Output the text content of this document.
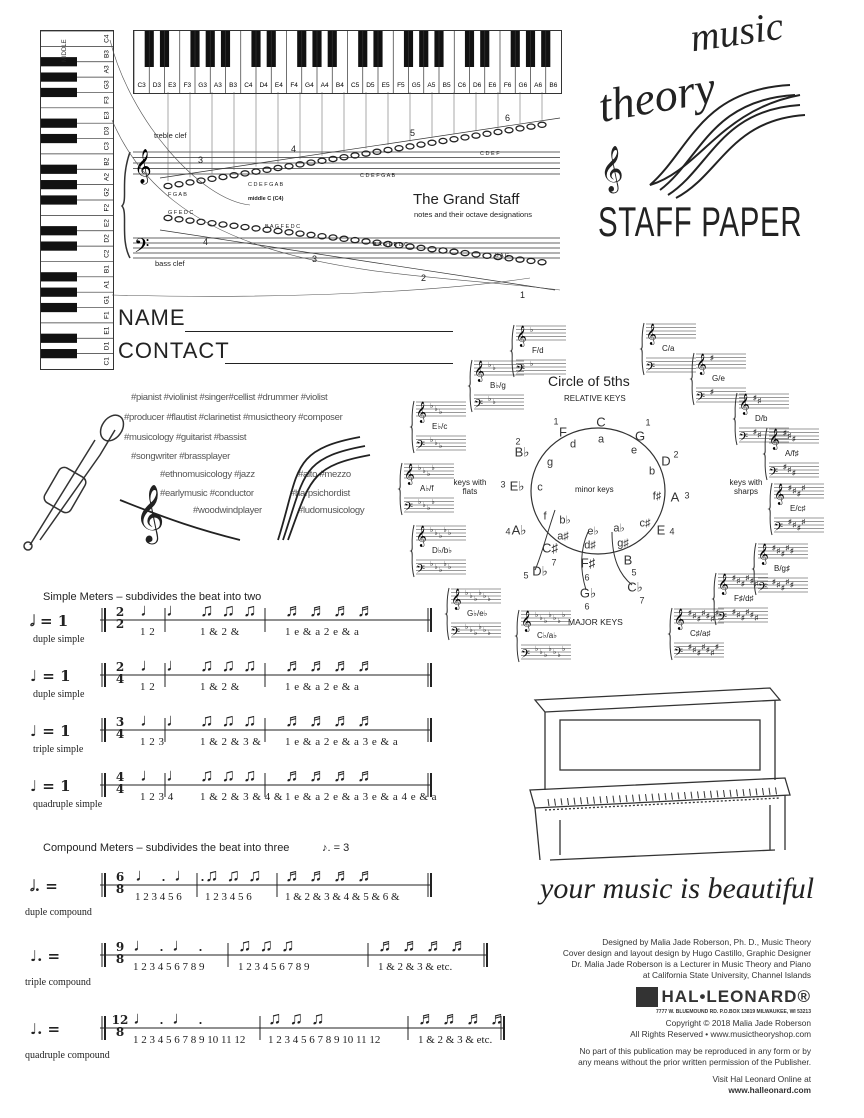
C4
B3
A3
G3
F3
E3
D3
C3
B2
A2
G2
F2
E2
D2
C2
B1
A1
G1
F1
E1
D1
C1
MIDDLE
C3 D3 E3 F3 G3 A3 B3 C4 D4 E4 F4 G4 A4 B4 C5 D5 E5 F5 G5 A5 B5 C6 D6 E6 F6 G6 A6 B6
MIDDLE
𝄞
𝄢
The Grand Staff
notes and their octave designations
treble clef
bass clef
middle C (C4)
3
4
5
6
4
3
2
1
F G A B
C D E F G A B
C D E F G A B
C D E F
G F E D C
B A G F E D C
B A G F E D C
B A G
music
theory
𝄞
STAFF PAPER
NAME
CONTACT
#pianist #violinist #singer#cellist #drummer #violist
#producer #flautist #clarinetist #musictheory #composer
#musicology #guitarist #bassist
#songwriter #brassplayer
#ethnomusicology #jazz
#earlymusic #conductor
#woodwindplayer
#alto #mezzo
#harpsichordist
#ludomusicology
𝄞
Circle of 5ths
RELATIVE KEYS
minor keys
keys with flats
keys with sharps
MAJOR KEYS
C
G
D
A
E
B
C♭
F♯
G♭
C♯
D♭
A♭
E♭
B♭
F	a
e
b
f♯
c♯
g♯
a♭
d♯
e♭
a♯
b♭
f
c
g
d
1
2
3
4
5
7
6
6
7
5
4
3
2
1
𝄞
𝄢
♭
♭
F/d
𝄞
𝄢
♭
♭
♭
♭
B♭/g
𝄞
𝄢
♭
♭
♭
♭
♭
♭
E♭/c
𝄞
𝄢
♭
♭
♭
♭
♭
♭
♭
♭
A♭/f
𝄞
𝄢
♭
♭
♭
♭
♭
♭
♭
♭
♭
♭
D♭/b♭
𝄞
𝄢
♭
♭
♭
♭
♭
♭
♭
♭
♭
♭
♭
♭
G♭/e♭ 𝄞
𝄢
♭
♭
♭
♭
♭
♭
♭
♭
♭
♭
♭
♭
♭
♭
C♭/a♭
𝄞
𝄢
C/a
𝄞
𝄢
♯
♯
G/e
𝄞
𝄢
♯
♯
♯
♯
D/b
𝄞
𝄢
♯
♯
♯
♯
♯
♯
A/f♯
𝄞
𝄢
♯
♯
♯
♯
♯
♯
♯
♯
E/c♯
𝄞
𝄢
♯
♯
♯
♯
♯
♯
♯
♯
♯
♯
B/g♯
𝄞
𝄢
♯
♯
♯
♯
♯
♯
♯
♯
♯
♯
♯
♯
F♯/d♯
𝄞
𝄢
♯
♯
♯
♯
♯
♯
♯
♯
♯
♯
♯
♯
♯
♯
C♯/a♯
Simple Meters – subdivides the beat into two
Compound Meters – subdivides the beat into three	♪. = 3
𝅗𝅥 = 1
duple simple
2
2
♩♩
1 2
♫♫♫
1 & 2 &
♬♬♬♬
1 e & a 2 e & a
♩ = 1
duple simple
2
4
♩♩
1 2
♫♫♫
1 & 2 &
♬♬♬♬
1 e & a 2 e & a
♩ = 1
triple simple
3
4
♩♩
1 2 3
♫♫♫
1 & 2 & 3 &
♬♬♬♬
1 e & a 2 e & a 3 e & a
♩ = 1
quadruple simple
4
4
♩♩
1 2 3 4
♫♫♫
1 & 2 & 3 & 4 &
♬♬♬♬
1 e & a 2 e & a 3 e & a 4 e & a
𝅗𝅥. =
duple compound
6
8
♩.♩.
1 2 3 4 5 6
♫♫♫
1 2 3 4 5 6
♬♬♬♬
1 & 2 & 3 & 4 & 5 & 6 &
♩. =
triple compound
9
8
♩.♩.
1 2 3 4 5 6 7 8 9
♫♫♫
1 2 3 4 5 6 7 8 9
♬♬♬♬
1 & 2 & 3 & etc.
♩. =
quadruple compound
12
8
♩.♩.
1 2 3 4 5 6 7 8 9 10 11 12
♫♫♫
1 2 3 4 5 6 7 8 9 10 11 12
♬♬♬♬
1 & 2 & 3 & etc.
your music is beautiful
Designed by Malia Jade Roberson, Ph. D., Music Theory
Cover design and layout design by Hugo Castillo, Graphic Designer
Dr. Malia Jade Roberson is a Lecturer in Music Theory and Piano
at California State University, Channel Islands
HAL•LEONARD®
7777 W. BLUEMOUND RD. P.O.BOX 13819 MILWAUKEE, WI 53213
Copyright © 2018 Malia Jade Roberson
All Rights Reserved • www.musictheoryshop.com
No part of this publication may be reproduced in any form or by
any means without the prior written permission of the Publisher.
Visit Hal Leonard Online at
www.halleonard.com
